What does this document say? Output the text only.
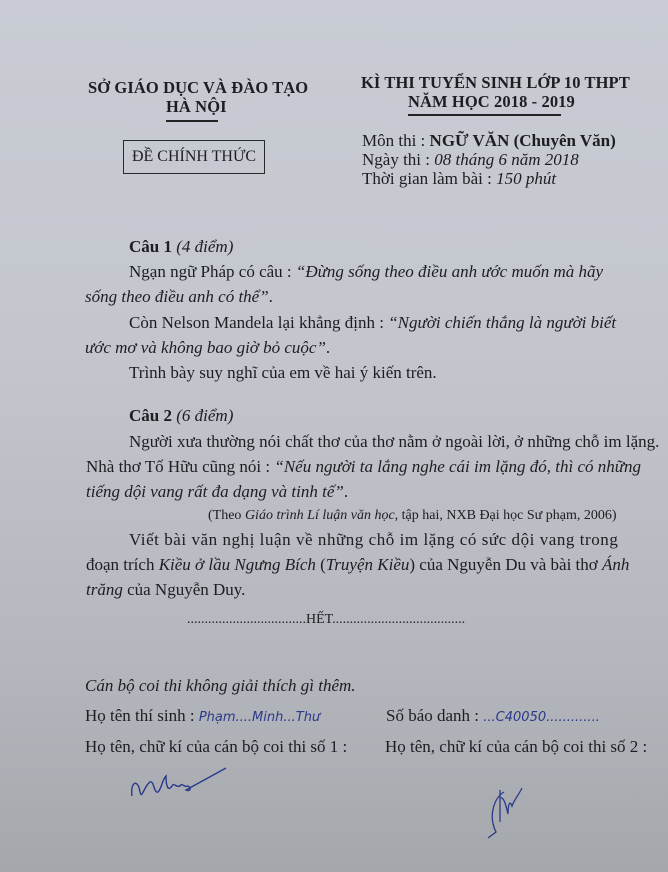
SỞ GIÁO DỤC VÀ ĐÀO TẠO
HÀ NỘI
ĐỀ CHÍNH THỨC
KÌ THI TUYỂN SINH LỚP 10 THPT
NĂM HỌC 2018 - 2019
Môn thi : NGỮ VĂN (Chuyên Văn)
Ngày thi : 08 tháng 6 năm 2018
Thời gian làm bài : 150 phút
Câu 1 (4 điểm)
Ngạn ngữ Pháp có câu : “Đừng sống theo điều anh ước muốn mà hãy
sống theo điều anh có thể”.
Còn Nelson Mandela lại khẳng định : “Người chiến thắng là người biết
ước mơ và không bao giờ bỏ cuộc”.
Trình bày suy nghĩ của em về hai ý kiến trên.
Câu 2 (6 điểm)
Người xưa thường nói chất thơ của thơ nằm ở ngoài lời, ở những chỗ im lặng.
Nhà thơ Tố Hữu cũng nói : “Nếu người ta lắng nghe cái im lặng đó, thì có những
tiếng dội vang rất đa dạng và tinh tế”.
(Theo Giáo trình Lí luận văn học, tập hai, NXB Đại học Sư phạm, 2006)
Viết bài văn nghị luận về những chỗ im lặng có sức dội vang trong
đoạn trích Kiều ở lầu Ngưng Bích (Truyện Kiều) của Nguyễn Du và bài thơ Ánh
trăng của Nguyễn Duy.
..................................HẾT......................................
Cán bộ coi thi không giải thích gì thêm.
Họ tên thí sinh : Phạm....Minh...Thư	Số báo danh : ...C40050.............
Họ tên, chữ kí của cán bộ coi thi số 1 : Họ tên, chữ kí của cán bộ coi thi số 2 :
